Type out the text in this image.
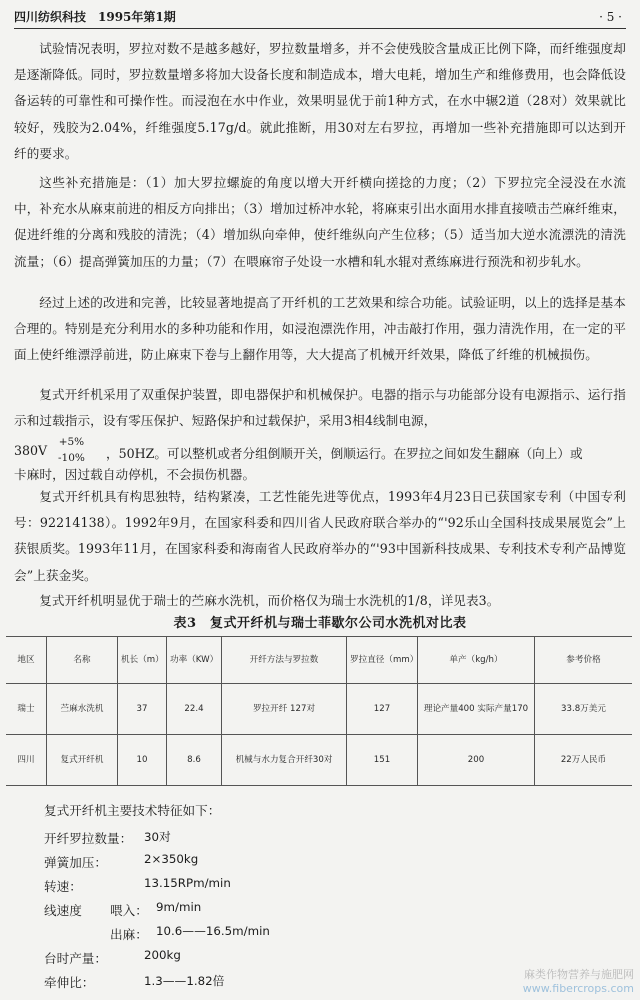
四川纺织科技　1995年第1期	· 5 ·

试验情况表明，罗拉对数不是越多越好，罗拉数量增多，并不会使残胶含量成正比例下降，而纤维强度却是逐渐降低。同时，罗拉数量增多将加大设备长度和制造成本，增大电耗，增加生产和维修费用，也会降低设备运转的可靠性和可操作性。而浸泡在水中作业，效果明显优于前1种方式，在水中辗2道（28对）效果就比较好，残胶为2.04%，纤维强度5.17g/d。就此推断，用30对左右罗拉，再增加一些补充措施即可以达到开纤的要求。

这些补充措施是：（1）加大罗拉螺旋的角度以增大开纤横向搓捻的力度；（2）下罗拉完全浸没在水流中，补充水从麻束前进的相反方向排出；（3）增加过桥冲水轮，将麻束引出水面用水排直接喷击苎麻纤维束，促进纤维的分离和残胶的清洗；（4）增加纵向牵伸，使纤维纵向产生位移；（5）适当加大逆水流漂洗的清洗流量；（6）提高弹簧加压的力量；（7）在喂麻帘子处设一水槽和轧水辊对煮练麻进行预洗和初步轧水。

经过上述的改进和完善，比较显著地提高了开纤机的工艺效果和综合功能。试验证明，以上的选择是基本合理的。特别是充分利用水的多种功能和作用，如浸泡漂洗作用，冲击敲打作用，强力清洗作用，在一定的平面上使纤维漂浮前进，防止麻束下卷与上翻作用等，大大提高了机械开纤效果，降低了纤维的机械损伤。

复式开纤机采用了双重保护装置，即电器保护和机械保护。电器的指示与功能部分设有电源指示、运行指示和过载指示，设有零压保护、短路保护和过载保护，采用3相4线制电源，

380V
+5%
-10% ，50HZ。可以整机或者分组倒顺开关，倒顺运行。在罗拉之间如发生翻麻（向上）或

卡麻时，因过载自动停机，不会损伤机器。

复式开纤机具有构思独特，结构紧凑，工艺性能先进等优点，1993年4月23日已获国家专利（中国专利号：92214138）。1992年9月，在国家科委和四川省人民政府联合举办的“'92乐山全国科技成果展览会”上获银质奖。1993年11月，在国家科委和海南省人民政府举办的“'93中国新科技成果、专利技术专利产品博览会”上获金奖。

复式开纤机明显优于瑞士的苎麻水洗机，而价格仅为瑞士水洗机的1/8，详见表3。

表3　复式开纤机与瑞士菲歇尔公司水洗机对比表
地区	名称	机长（m）	功率（KW）	开纤方法与罗拉数	罗拉直径（mm）	单产（kg/h）	参考价格
瑞士	苎麻水洗机	37	22.4	罗拉开纤 127对	127	理论产量400 实际产量170	33.8万美元
四川	复式开纤机	10	8.6	机械与水力复合开纤30对	151	200	22万人民币
复式开纤机主要技术特征如下：
开纤罗拉数量： 30对
弹簧加压：	2×350kg
转速：	13.15RPm/min
线速度 喂入： 9m/min
出麻： 10.6——16.5m/min
台时产量：	200kg
牵伸比：	1.3——1.82倍	麻类作物营养与施肥网
www.fibercrops.com
